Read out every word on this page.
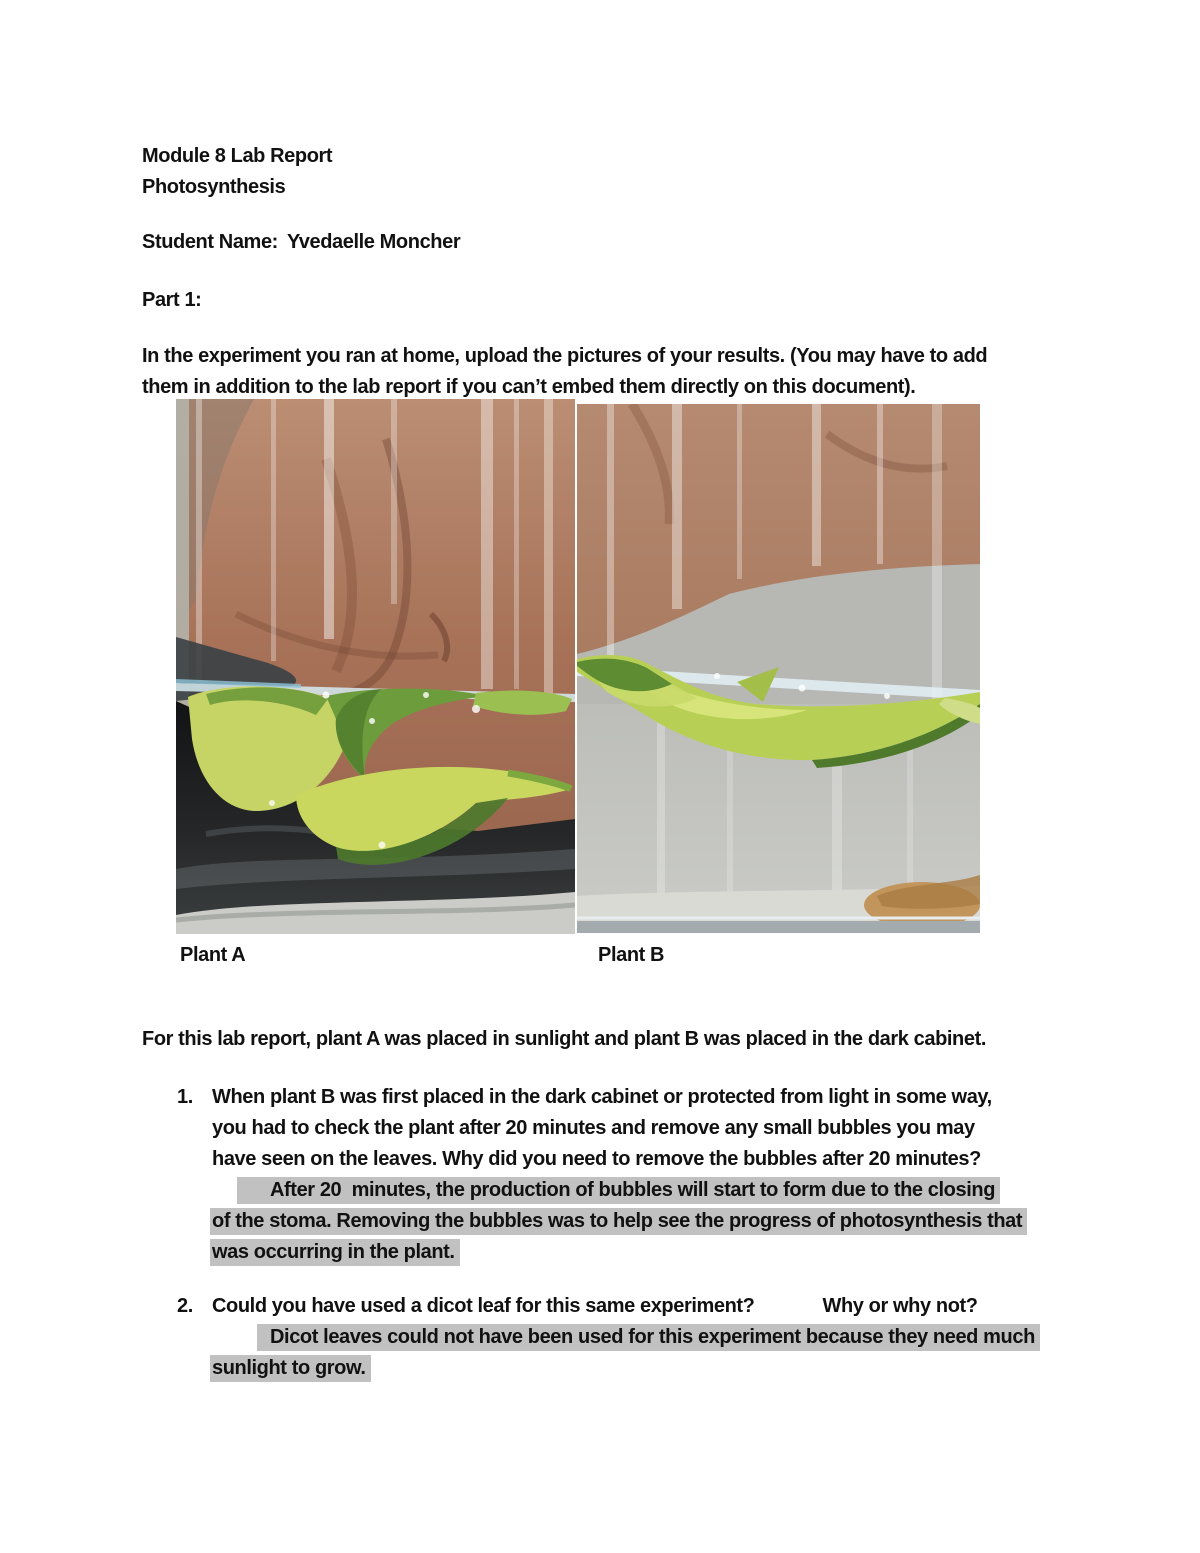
Module 8 Lab Report
Photosynthesis
Student Name: Yvedaelle Moncher
Part 1:
In the experiment you ran at home, upload the pictures of your results. (You may have to add
them in addition to the lab report if you can’t embed them directly on this document).
Plant A	Plant B
For this lab report, plant A was placed in sunlight and plant B was placed in the dark cabinet.
1. When plant B was first placed in the dark cabinet or protected from light in some way,
you had to check the plant after 20 minutes and remove any small bubbles you may
have seen on the leaves. Why did you need to remove the bubbles after 20 minutes?
After 20  minutes, the production of bubbles will start to form due to the closing
of the stoma. Removing the bubbles was to help see the progress of photosynthesis that
was occurring in the plant.
2. Could you have used a dicot leaf for this same experiment?	Why or why not?
Dicot leaves could not have been used for this experiment because they need much
sunlight to grow.
